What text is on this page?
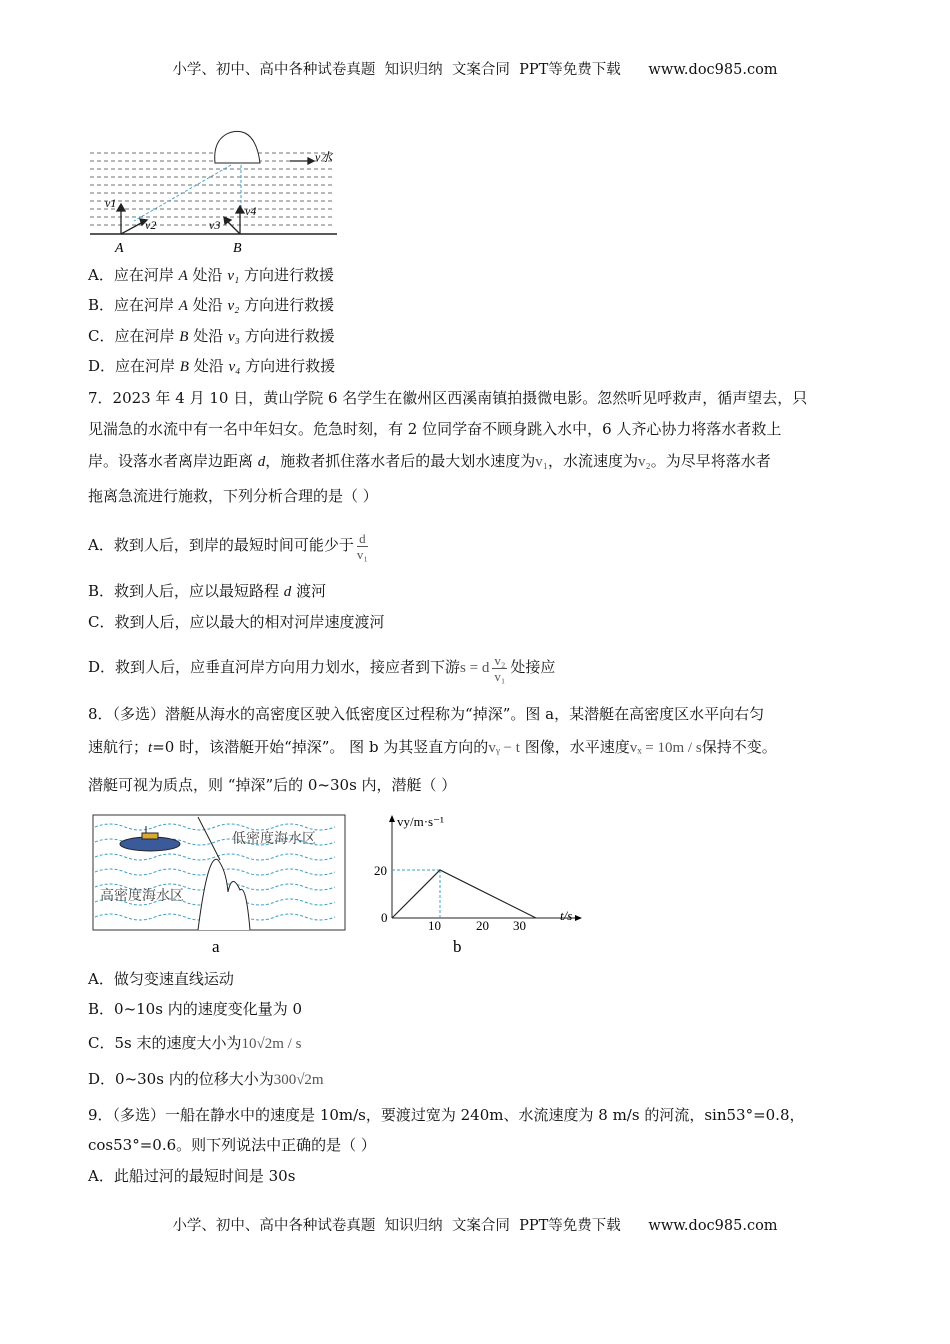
小学、初中、高中各种试卷真题  知识归纳  文案合同  PPT等免费下载      www.doc985.com
v1
v2	v3
v4
v水
A	B
A．应在河岸 A 处沿 v₁ 方向进行救援
B．应在河岸 A 处沿 v₂ 方向进行救援
C．应在河岸 B 处沿 v₃ 方向进行救援
D．应在河岸 B 处沿 v₄ 方向进行救援
7．2023 年 4 月 10 日，黄山学院 6 名学生在徽州区西溪南镇拍摄微电影。忽然听见呼救声，循声望去，只
见湍急的水流中有一名中年妇女。危急时刻，有 2 位同学奋不顾身跳入水中，6 人齐心协力将落水者救上
岸。设落水者离岸边距离 d，施救者抓住落水者后的最大划水速度为v₁，水流速度为v₂。为尽早将落水者
拖离急流进行施救，下列分析合理的是（ ）
A．救到人后，到岸的最短时间可能少于 $\frac{d}{\text{v₁}}$
B．救到人后，应以最短路程 d 渡河
C．救到人后，应以最大的相对河岸速度渡河
D．救到人后，应垂直河岸方向用力划水，接应者到下游s = d $\frac{\text{v₂}}{\text{v₁}}$ 处接应
8．（多选）潜艇从海水的高密度区驶入低密度区过程称为“掉深”。图 a，某潜艇在高密度区水平向右匀
速航行；t=0 时，该潜艇开始“掉深”。 图 b 为其竖直方向的vᵧ − t 图像，水平速度vₓ = 10m / s保持不变。
潜艇可视为质点，则 “掉深”后的 0~30s 内，潜艇（ ）
低密度海水区
高密度海水区
a
vy/m·s⁻¹
t/s
20
0
10	20 30
b
A．做匀变速直线运动
B．0~10s 内的速度变化量为 0
C．5s 末的速度大小为10√2m / s
D．0~30s 内的位移大小为300√2m
9．（多选）一船在静水中的速度是 10m/s，要渡过宽为 240m、水流速度为 8 m/s 的河流，sin53°=0.8，
cos53°=0.6。则下列说法中正确的是（ ）
A．此船过河的最短时间是 30s
小学、初中、高中各种试卷真题  知识归纳  文案合同  PPT等免费下载      www.doc985.com
